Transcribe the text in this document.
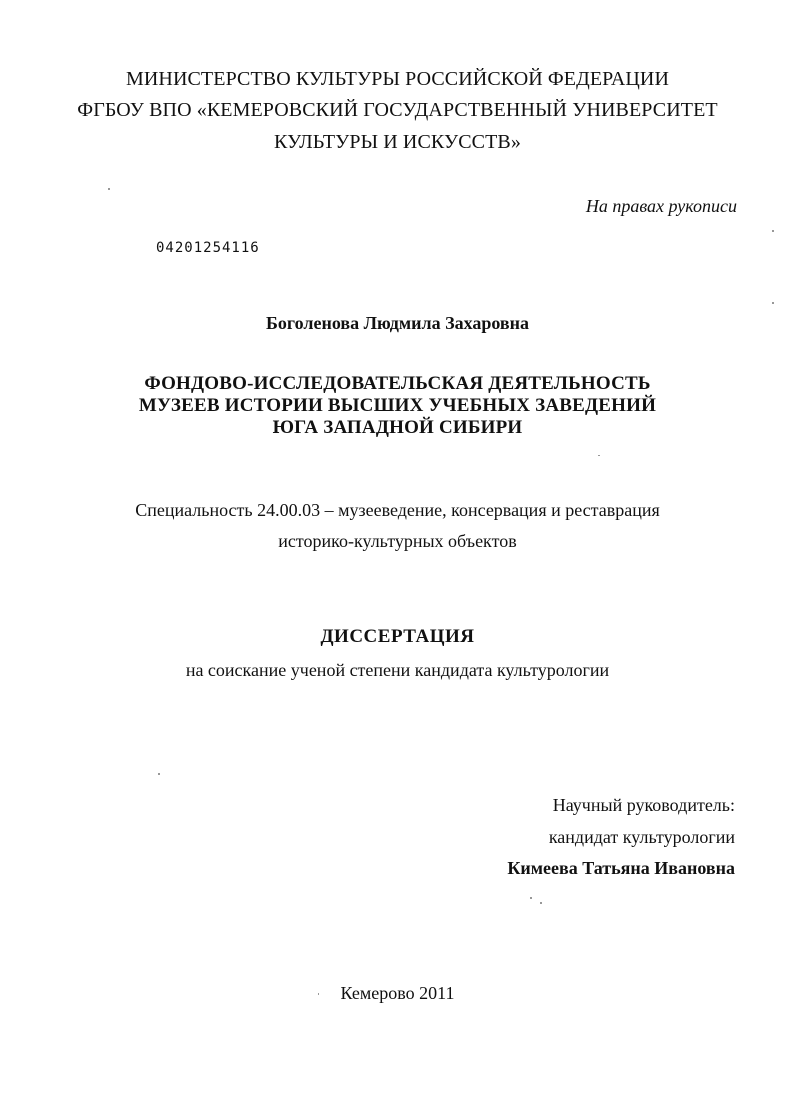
МИНИСТЕРСТВО КУЛЬТУРЫ РОССИЙСКОЙ ФЕДЕРАЦИИ
ФГБОУ ВПО «КЕМЕРОВСКИЙ ГОСУДАРСТВЕННЫЙ УНИВЕРСИТЕТ
КУЛЬТУРЫ И ИСКУССТВ»
На правах рукописи
04201254116
Боголенова Людмила Захаровна
ФОНДОВО-ИССЛЕДОВАТЕЛЬСКАЯ ДЕЯТЕЛЬНОСТЬ
МУЗЕЕВ ИСТОРИИ ВЫСШИХ УЧЕБНЫХ ЗАВЕДЕНИЙ
ЮГА ЗАПАДНОЙ СИБИРИ
Специальность 24.00.03 – музееведение, консервация и реставрация
историко-культурных объектов
ДИССЕРТАЦИЯ
на соискание ученой степени кандидата культурологии
Научный руководитель:
кандидат культурологии
Кимеева Татьяна Ивановна
Кемерово 2011
